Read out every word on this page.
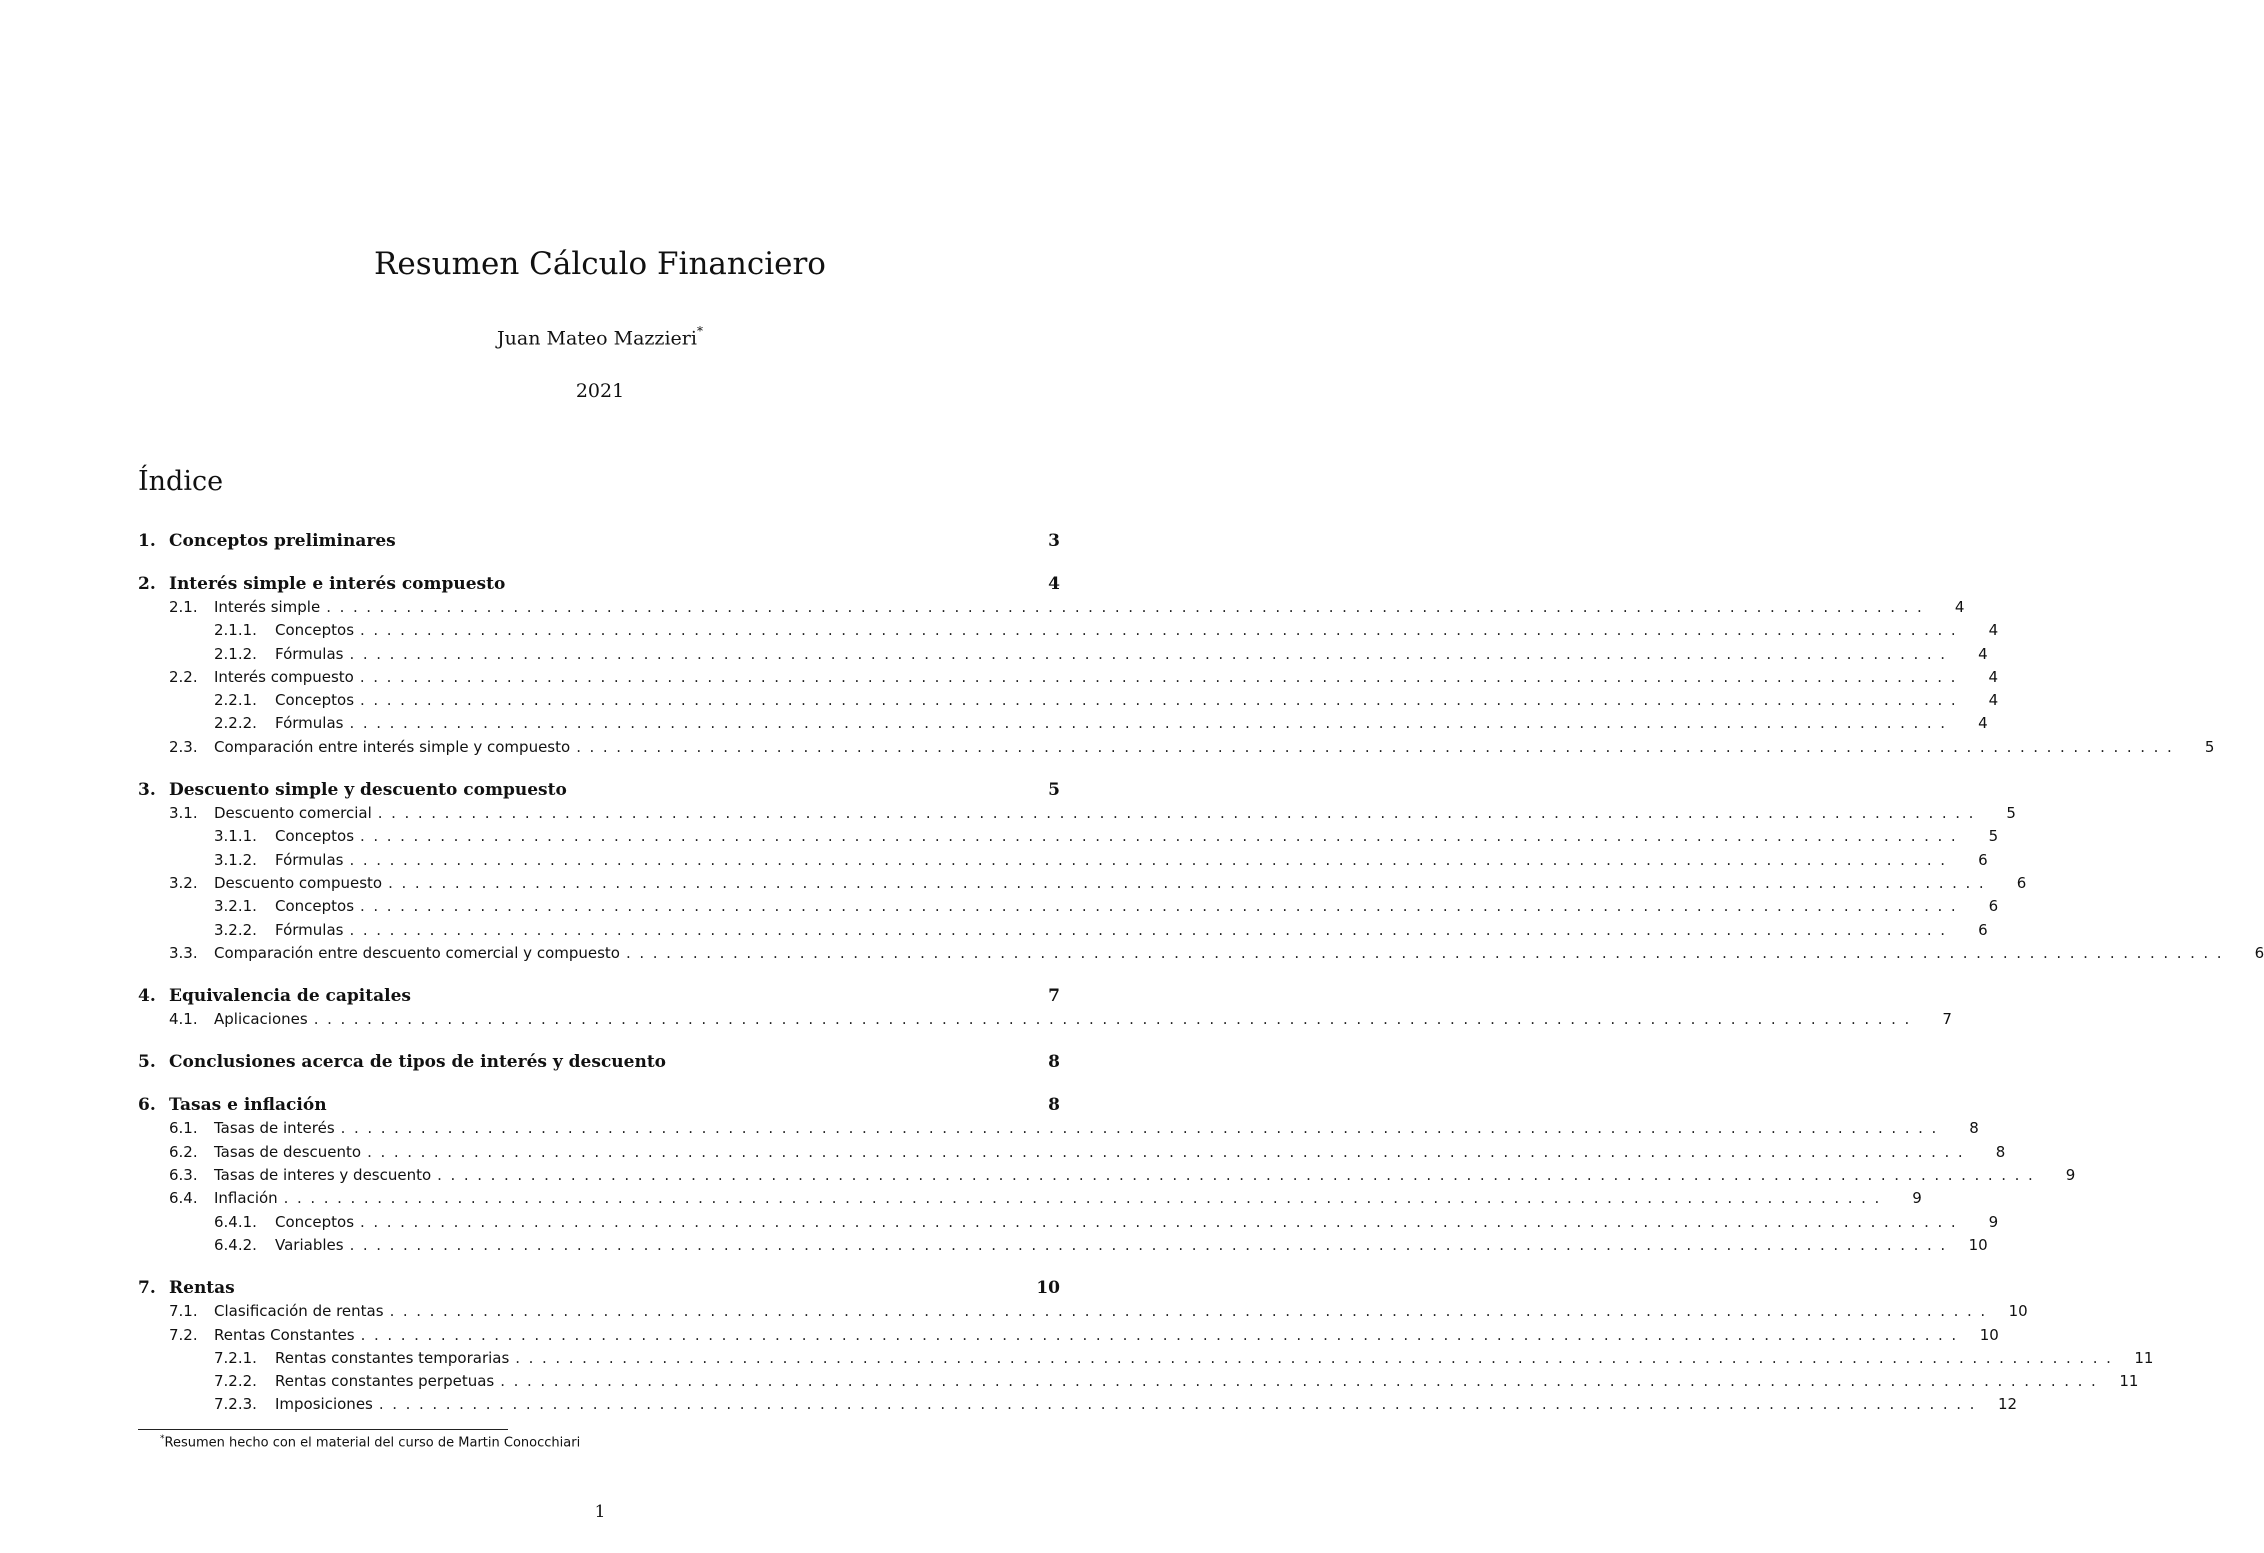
Resumen Cálculo Financiero
Juan Mateo Mazzieri*
2021
Índice
1. Conceptos preliminares	3
2. Interés simple e interés compuesto	4
2.1.	Interés simple ........................................................................................................................	4
2.1.1.	Conceptos ........................................................................................................................	4
2.1.2.	Fórmulas ........................................................................................................................	4
2.2.	Interés compuesto ........................................................................................................................	4
2.2.1.	Conceptos ........................................................................................................................	4
2.2.2.	Fórmulas ........................................................................................................................	4
2.3.	Comparación entre interés simple y compuesto ........................................................................................................................	5
3. Descuento simple y descuento compuesto	5
3.1.	Descuento comercial ........................................................................................................................	5
3.1.1.	Conceptos ........................................................................................................................	5
3.1.2.	Fórmulas ........................................................................................................................	6
3.2.	Descuento compuesto ........................................................................................................................	6
3.2.1.	Conceptos ........................................................................................................................	6
3.2.2.	Fórmulas ........................................................................................................................	6
3.3.	Comparación entre descuento comercial y compuesto ........................................................................................................................	6
4. Equivalencia de capitales	7
4.1.	Aplicaciones ........................................................................................................................	7
5. Conclusiones acerca de tipos de interés y descuento	8
6. Tasas e inflación	8
6.1.	Tasas de interés ........................................................................................................................	8
6.2.	Tasas de descuento ........................................................................................................................	8
6.3.	Tasas de interes y descuento ........................................................................................................................	9
6.4.	Inflación ........................................................................................................................	9
6.4.1.	Conceptos ........................................................................................................................	9
6.4.2.	Variables ........................................................................................................................ 10
7. Rentas	10
7.1.	Clasificación de rentas ........................................................................................................................ 10
7.2.	Rentas Constantes ........................................................................................................................ 10
7.2.1.	Rentas constantes temporarias ........................................................................................................................ 11
7.2.2.	Rentas constantes perpetuas ........................................................................................................................ 11
7.2.3.	Imposiciones ........................................................................................................................ 12
*Resumen hecho con el material del curso de Martin Conocchiari
1
